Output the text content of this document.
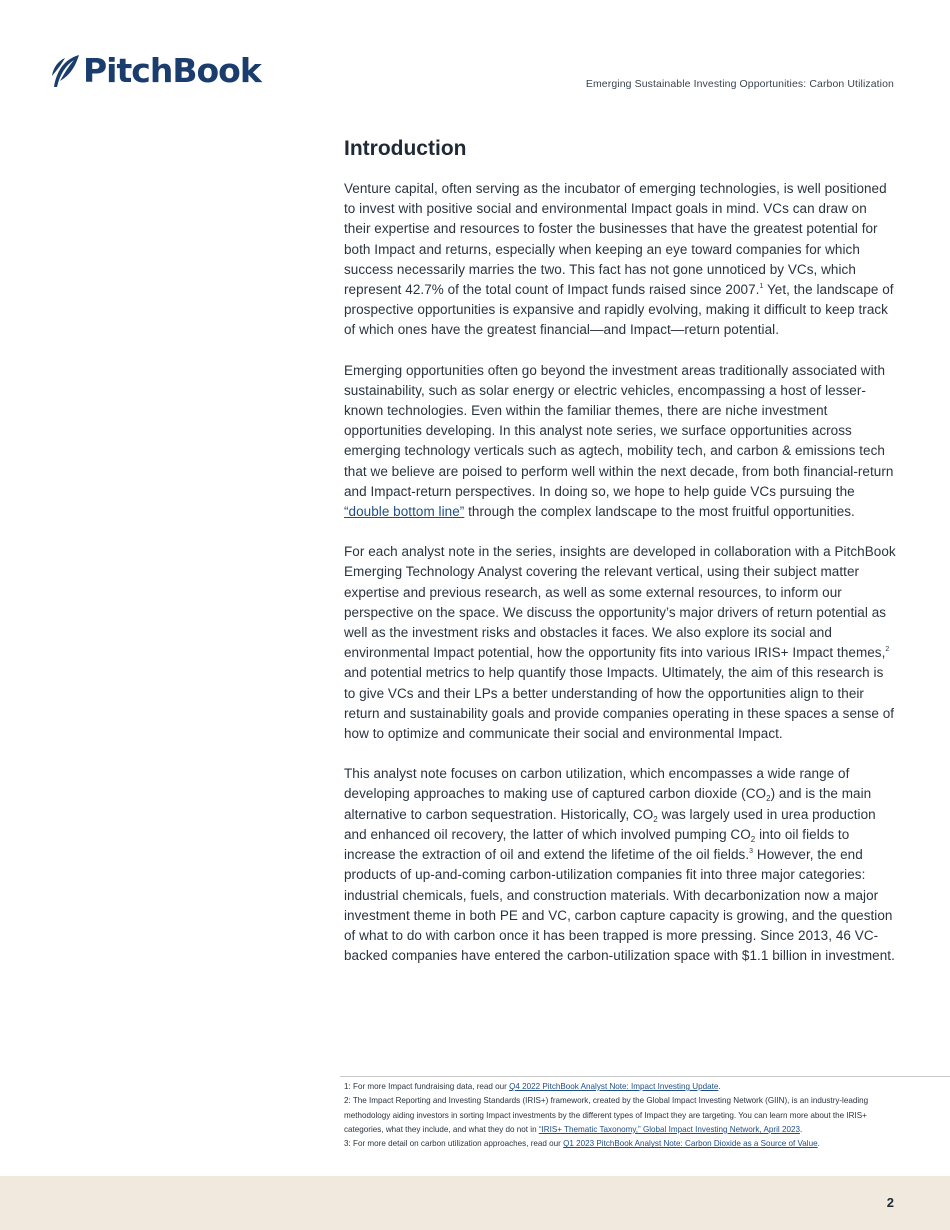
PitchBook	Emerging Sustainable Investing Opportunities: Carbon Utilization
Introduction

Venture capital, often serving as the incubator of emerging technologies, is well positioned to invest with positive social and environmental Impact goals in mind. VCs can draw on their expertise and resources to foster the businesses that have the greatest potential for both Impact and returns, especially when keeping an eye toward companies for which success necessarily marries the two. This fact has not gone unnoticed by VCs, which represent 42.7% of the total count of Impact funds raised since 2007.$^1$ Yet, the landscape of prospective opportunities is expansive and rapidly evolving, making it difficult to keep track of which ones have the greatest financial—and Impact—return potential.

Emerging opportunities often go beyond the investment areas traditionally associated with sustainability, such as solar energy or electric vehicles, encompassing a host of lesser-known technologies. Even within the familiar themes, there are niche investment opportunities developing. In this analyst note series, we surface opportunities across emerging technology verticals such as agtech, mobility tech, and carbon & emissions tech that we believe are poised to perform well within the next decade, from both financial-return and Impact-return perspectives. In doing so, we hope to help guide VCs pursuing the “double bottom line” through the complex landscape to the most fruitful opportunities.

For each analyst note in the series, insights are developed in collaboration with a PitchBook Emerging Technology Analyst covering the relevant vertical, using their subject matter expertise and previous research, as well as some external resources, to inform our perspective on the space. We discuss the opportunity’s major drivers of return potential as well as the investment risks and obstacles it faces. We also explore its social and environmental Impact potential, how the opportunity fits into various IRIS+ Impact themes,$^2$ and potential metrics to help quantify those Impacts. Ultimately, the aim of this research is to give VCs and their LPs a better understanding of how the opportunities align to their return and sustainability goals and provide companies operating in these spaces a sense of how to optimize and communicate their social and environmental Impact.

This analyst note focuses on carbon utilization, which encompasses a wide range of developing approaches to making use of captured carbon dioxide $(CO_2)$ and is the main alternative to carbon sequestration. Historically, $CO_2$ was largely used in urea production and enhanced oil recovery, the latter of which involved pumping $CO_2$ into oil fields to increase the extraction of oil and extend the lifetime of the oil fields.$^3$ However, the end products of up-and-coming carbon-utilization companies fit into three major categories: industrial chemicals, fuels, and construction materials. With decarbonization now a major investment theme in both PE and VC, carbon capture capacity is growing, and the question of what to do with carbon once it has been trapped is more pressing. Since 2013, 46 VC-backed companies have entered the carbon-utilization space with $1.1 billion in investment.

1: For more Impact fundraising data, read our Q4 2022 PitchBook Analyst Note: Impact Investing Update.
2: The Impact Reporting and Investing Standards (IRIS+) framework, created by the Global Impact Investing Network (GIIN), is an industry-leading methodology aiding investors in sorting Impact investments by the different types of Impact they are targeting. You can learn more about the IRIS+ categories, what they include, and what they do not in “IRIS+ Thematic Taxonomy,” Global Impact Investing Network, April 2023.
3: For more detail on carbon utilization approaches, read our Q1 2023 PitchBook Analyst Note: Carbon Dioxide as a Source of Value.
2
